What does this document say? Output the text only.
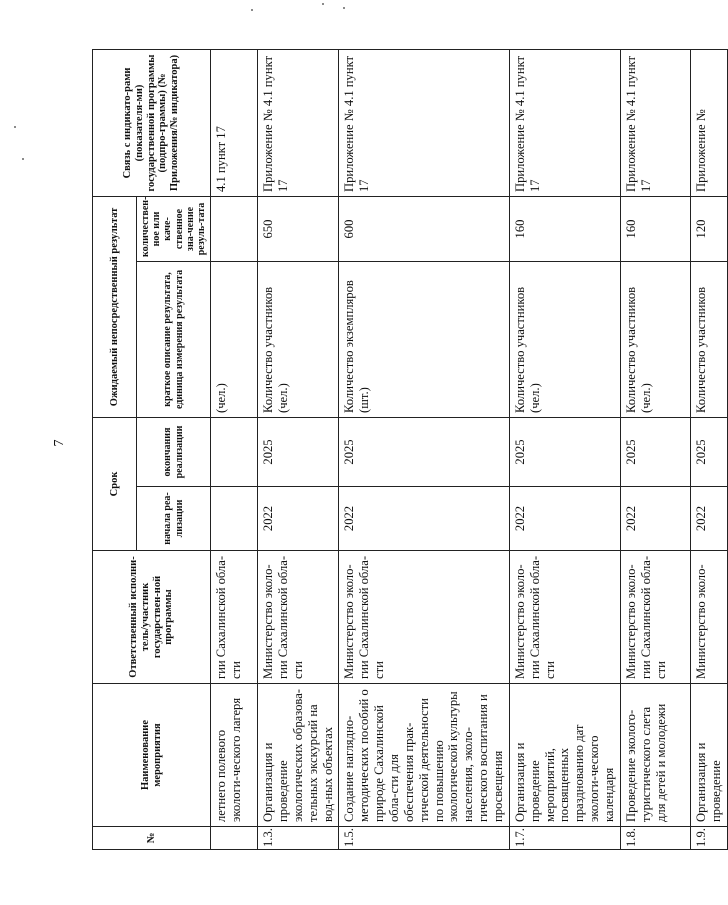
7
№	Наименование мероприятия	Ответственный исполни-тель/участник государствен-ной программы	Срок		Ожидаемый непосредственный результат		Связь с индикато-рами (показателя-ми) государственной программы (подпро-граммы) (№ Приложения/№ индикатора)
			начала реа-лизации	окончания реализации	краткое описание результата, единица измерения результата	количествен-ное или каче-ственное зна-чение резуль-тата	
	летнего полевого экологи-ческого лагеря	гии Сахалинской обла-сти			(чел.)		4.1 пункт 17
1.3.	Организация и проведение экологических образова-тельных экскурсий на вод-ных объектах	Министерство эколо-гии Сахалинской обла-сти	2022	2025	Количество участников (чел.)	650	Приложение № 4.1 пункт 17
1.5.	Создание наглядно-методических пособий о природе Сахалинской обла-сти для обеспечения прак-тической деятельности по повышению экологической культуры населения, эколо-гического воспитания и просвещения	Министерство эколо-гии Сахалинской обла-сти	2022	2025	Количество экземпляров (шт.)	600	Приложение № 4.1 пункт 17
1.7.	Организация и проведение мероприятий, посвященных празднованию дат экологи-ческого календаря	Министерство эколо-гии Сахалинской обла-сти	2022	2025	Количество участников (чел.)	160	Приложение № 4.1 пункт 17
1.8.	Проведение эколого-туристического слета для детей и молодежи	Министерство эколо-гии Сахалинской обла-сти	2022	2025	Количество участников (чел.)	160	Приложение № 4.1 пункт 17
1.9.	Организация и проведение	Министерство эколо-	2022	2025	Количество участников	120	Приложение №
